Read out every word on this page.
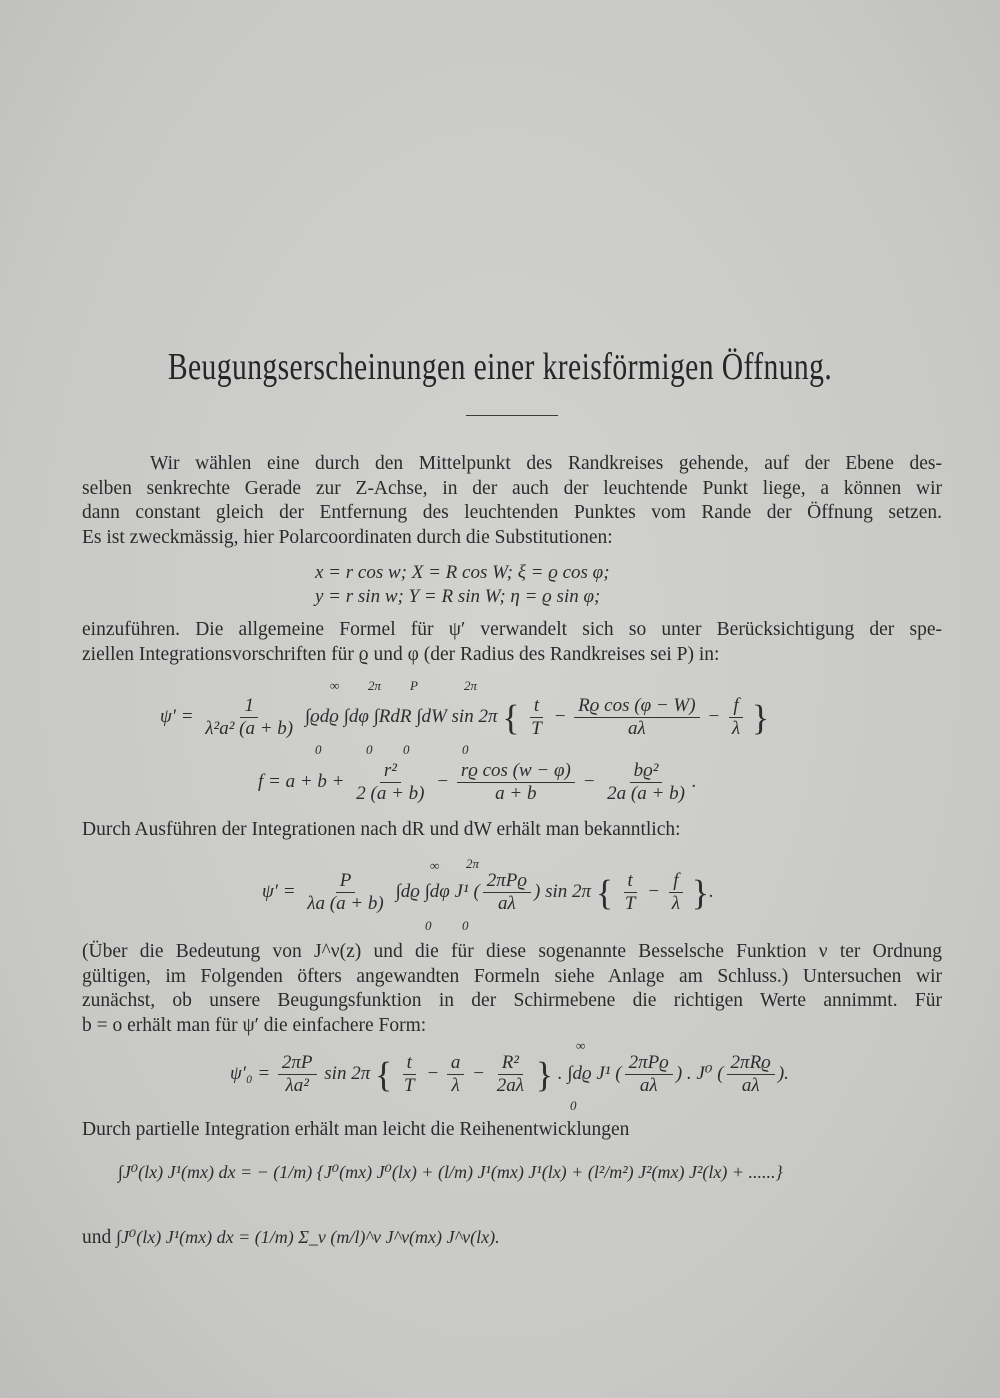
Beugungserscheinungen einer kreisförmigen Öffnung.
Wir wählen eine durch den Mittelpunkt des Randkreises gehende, auf der Ebene des-
selben senkrechte Gerade zur Z-Achse, in der auch der leuchtende Punkt liege, a können wir
dann constant gleich der Entfernung des leuchtenden Punktes vom Rande der Öffnung setzen.
Es ist zweckmässig, hier Polarcoordinaten durch die Substitutionen:
x = r cos w; X = R cos W; ξ = ϱ cos φ;
y = r sin w; Y = R sin W; η = ϱ sin φ;
einzuführen. Die allgemeine Formel für ψ′ verwandelt sich so unter Berücksichtigung der spe-
ziellen Integrationsvorschriften für ϱ und φ (der Radius des Randkreises sei P) in:
$\psi' = \frac{1}{\text{λ²a² (a + b)}} \int ϱdϱ$ ∫dφ ∫RdR ∫dW sin 2π { $\frac{t}{T} - \frac{\text{Rϱ cos (φ − W)}}{a\lambda} - \frac{f}{\lambda}$ }
∞ 2π P	2π
0	0 0	0
$f = a + b + \frac{\text{r²}}{2 (a + b)} - \frac{\text{rϱ cos (w − φ)}}{a + b} - \frac{\text{bϱ²}}{2a (a + b)}$ .
Durch Ausführen der Integrationen nach dR und dW erhält man bekanntlich:
$\psi' = \frac{P}{\lambda a (a + b)} \int dϱ$ ∫dφ J¹ ( $\frac{\text{2πPϱ}}{a\lambda}$ ) sin 2π { $\frac{t}{T} - \frac{f}{\lambda}$ }.
∞ 2π
0 0
(Über die Bedeutung von J^ν(z) und die für diese sogenannte Besselsche Funktion ν ter Ordnung
gültigen, im Folgenden öfters angewandten Formeln siehe Anlage am Schluss.) Untersuchen wir
zunächst, ob unsere Beugungsfunktion in der Schirmebene die richtigen Werte annimmt. Für
b = o erhält man für ψ′ die einfachere Form:
$\psi'_0 = \frac{2\pi P}{\text{λa²}}$ sin 2π { $\frac{t}{T} - \frac{a}{\lambda} - \frac{\text{R²}}{2a\lambda}$ } . ∫dϱ J¹ ( $\frac{\text{2πPϱ}}{a\lambda}$ ) . J⁰ ( $\frac{\text{2πRϱ}}{a\lambda}$ ).
∞
0
Durch partielle Integration erhält man leicht die Reihenentwicklungen
∫J⁰(lx) J¹(mx) dx = − (1/m) {J⁰(mx) J⁰(lx) + (l/m) J¹(mx) J¹(lx) + (l²/m²) J²(mx) J²(lx) + ......}
und ∫J⁰(lx) J¹(mx) dx = (1/m) Σ_ν (m/l)^ν J^ν(mx) J^ν(lx).
